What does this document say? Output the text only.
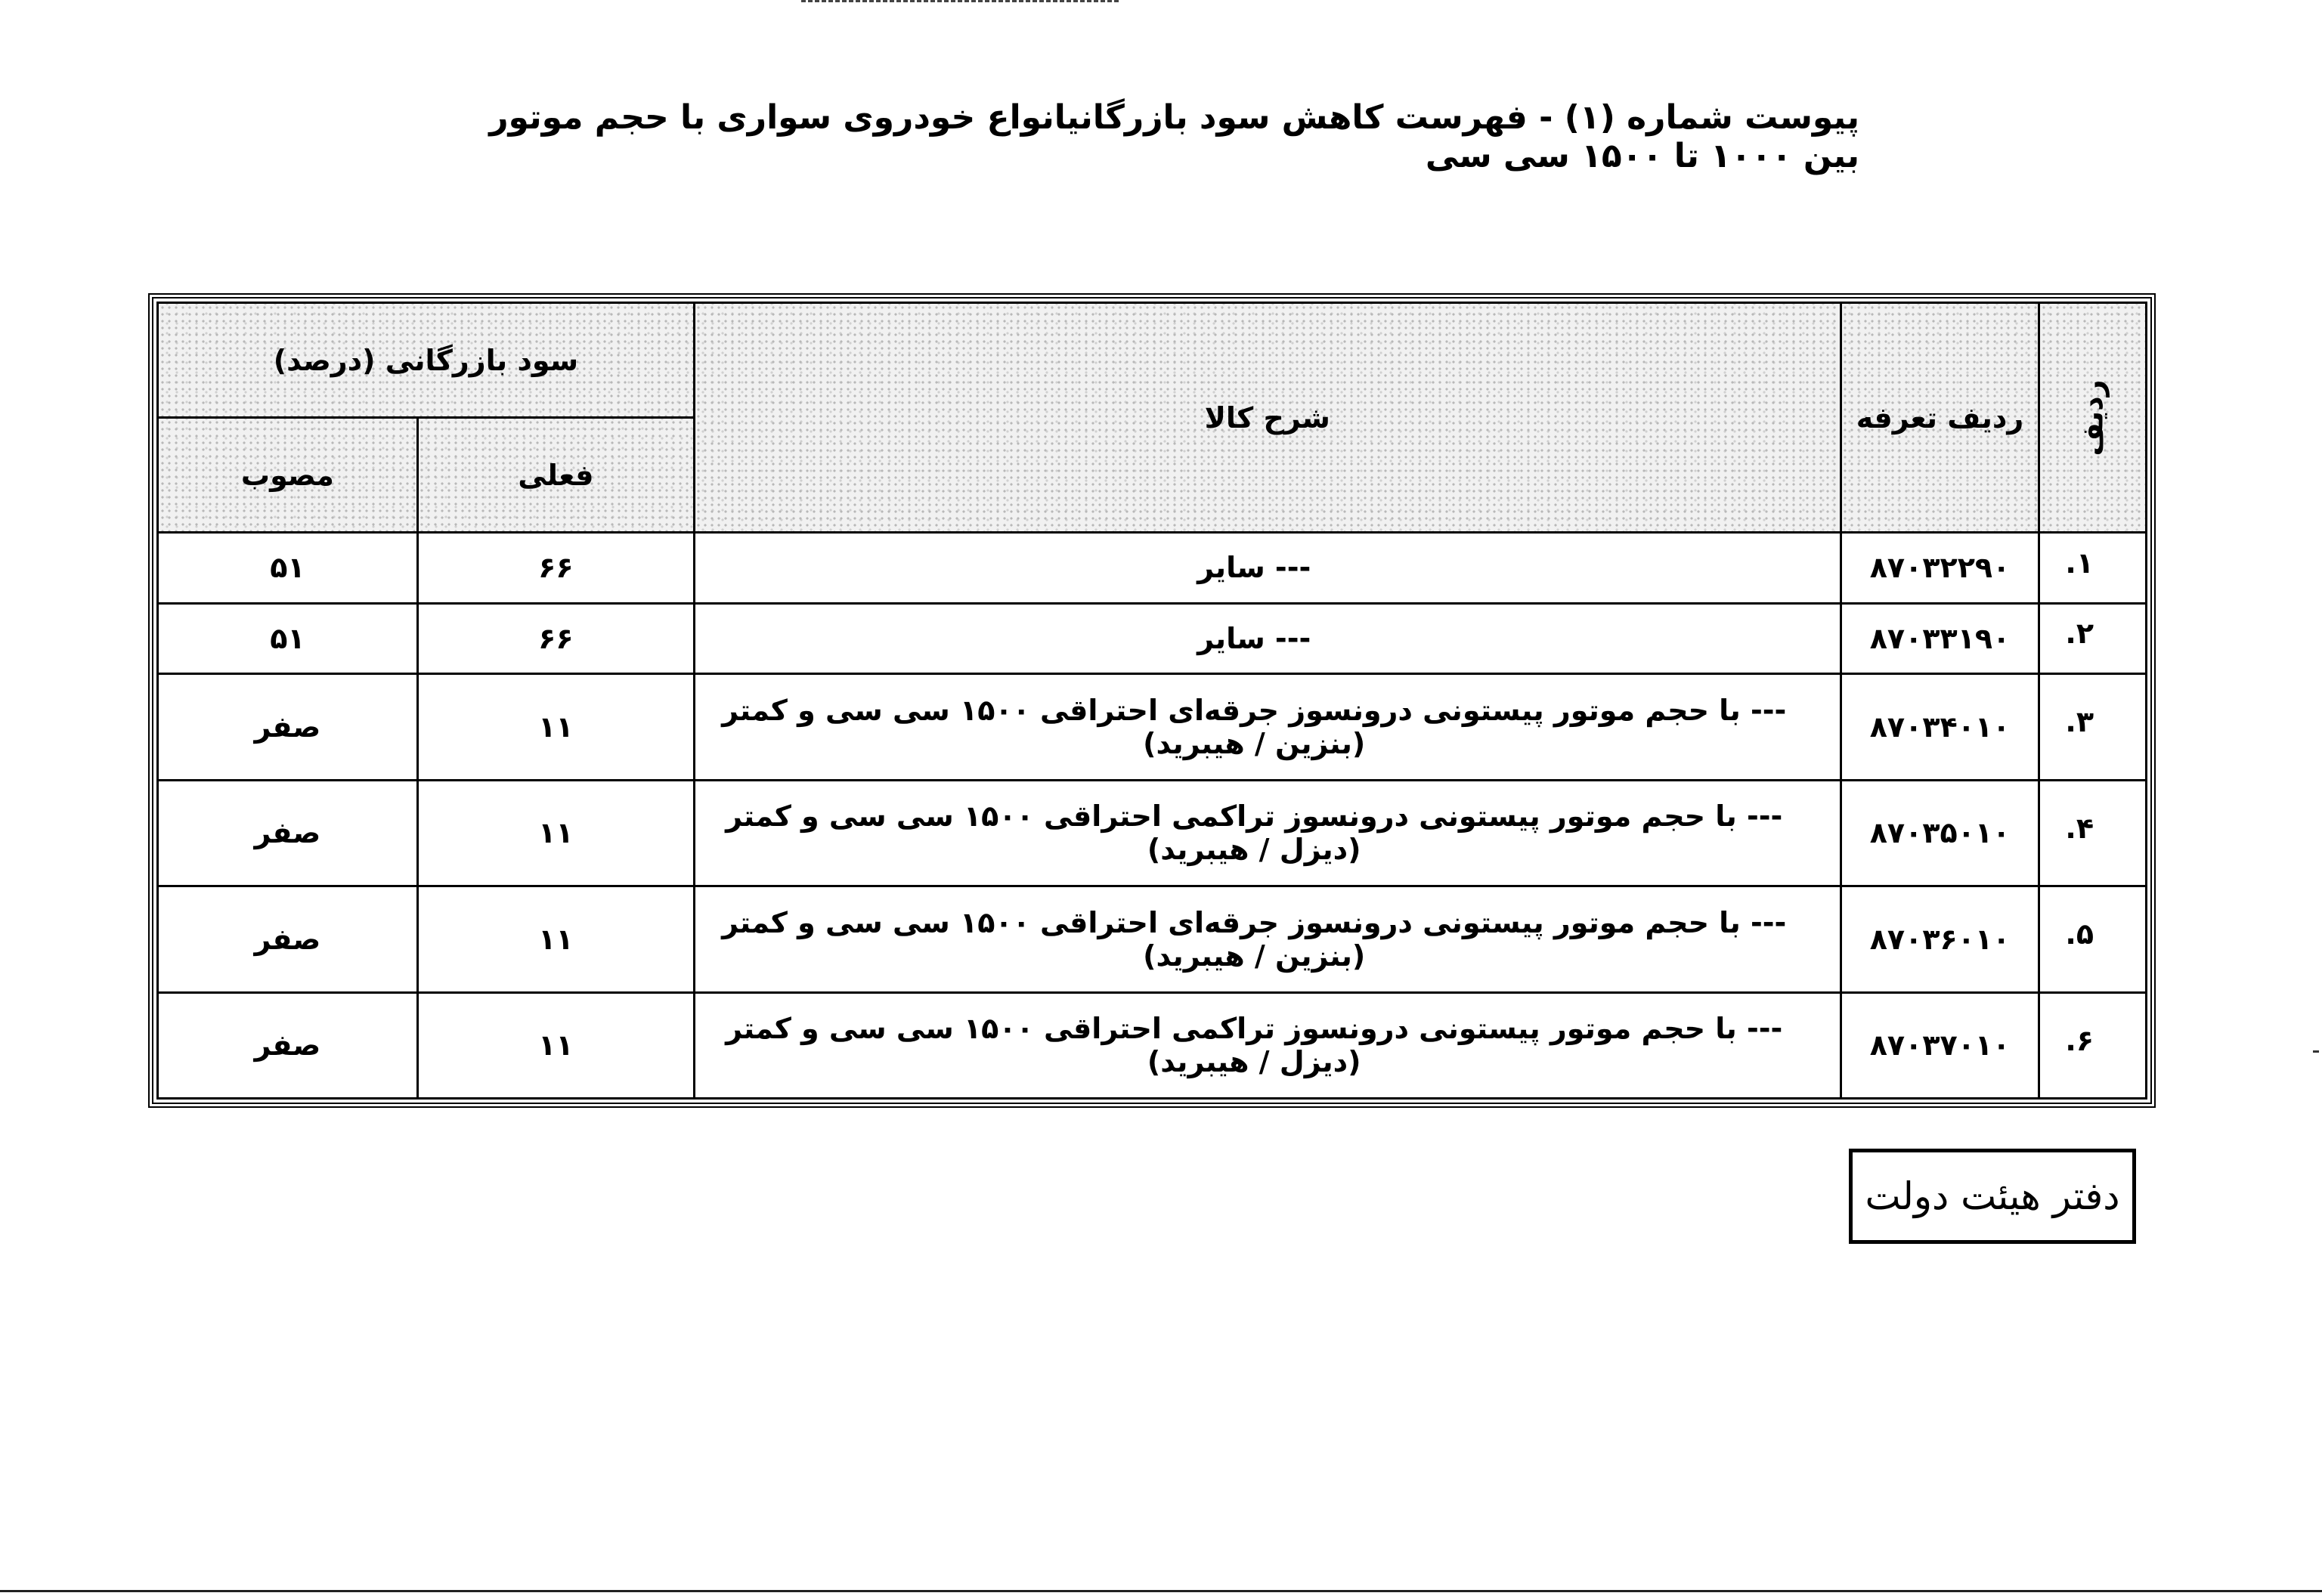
پیوست شماره (۱) - فهرست کاهش سود بازرگانیانواع خودروی سواری با حجم موتور بین ۱۰۰۰ تا ۱۵۰۰ سی سی
ردیف	ردیف تعرفه	شرح کالا	سود بازرگانی (درصد)	
			فعلی	مصوب
۱.	۸۷۰۳۲۲۹۰	--- سایر	۶۶	۵۱
۲.	۸۷۰۳۳۱۹۰	--- سایر	۶۶	۵۱
۳.	۸۷۰۳۴۰۱۰	--- با حجم موتور پیستونی درونسوز جرقه‌ای احتراقی ۱۵۰۰ سی سی و کمتر (بنزین / هیبرید)	۱۱	صفر
۴.	۸۷۰۳۵۰۱۰	--- با حجم موتور پیستونی درونسوز تراکمی احتراقی ۱۵۰۰ سی سی و کمتر (دیزل / هیبرید)	۱۱	صفر
۵.	۸۷۰۳۶۰۱۰	--- با حجم موتور پیستونی درونسوز جرقه‌ای احتراقی ۱۵۰۰ سی سی و کمتر (بنزین / هیبرید)	۱۱	صفر
۶.	۸۷۰۳۷۰۱۰	--- با حجم موتور پیستونی درونسوز تراکمی احتراقی ۱۵۰۰ سی سی و کمتر (دیزل / هیبرید)	۱۱	صفر
دفتر هیئت دولت
